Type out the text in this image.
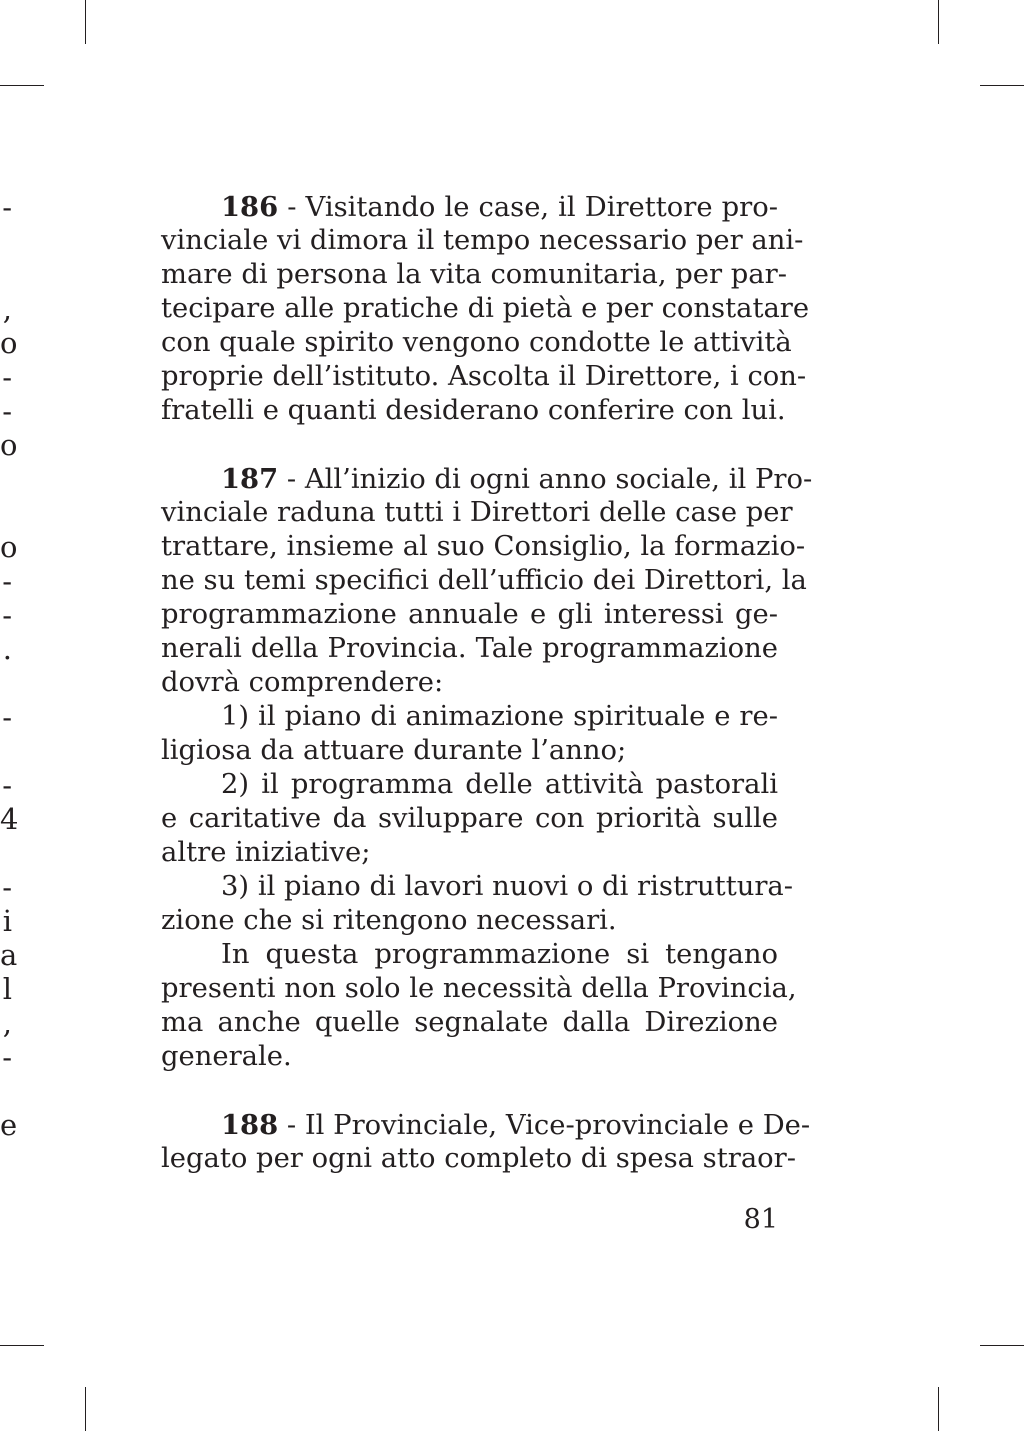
-

,
o
-
-
o

o
-
-
.

-

-
4

-
i
a
l
,
-

e
186 - Visitando le case, il Direttore pro-
vinciale vi dimora il tempo necessario per ani-
mare di persona la vita comunitaria, per par-
tecipare alle pratiche di pietà e per constatare
con quale spirito vengono condotte le attività
proprie dell’istituto. Ascolta il Direttore, i con-
fratelli e quanti desiderano conferire con lui.
187 - All’inizio di ogni anno sociale, il Pro-
vinciale raduna tutti i Direttori delle case per
trattare, insieme al suo Consiglio, la formazio-
ne su temi specifici dell’ufficio dei Direttori, la
programmazione annuale e gli interessi ge-
nerali della Provincia. Tale programmazione
dovrà comprendere:
1) il piano di animazione spirituale e re-
ligiosa da attuare durante l’anno;
2) il programma delle attività pastorali
e caritative da sviluppare con priorità sulle
altre iniziative;
3) il piano di lavori nuovi o di ristruttura-
zione che si ritengono necessari.
In questa programmazione si tengano
presenti non solo le necessità della Provincia,
ma anche quelle segnalate dalla Direzione
generale.
188 - Il Provinciale, Vice-provinciale e De-
legato per ogni atto completo di spesa straor-
81
